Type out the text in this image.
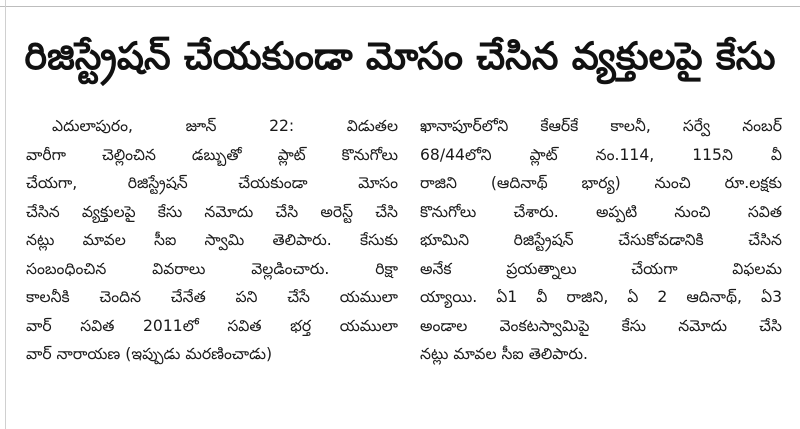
రిజిస్ట్రేషన్ చేయకుండా మోసం చేసిన వ్యక్తులపై కేసు
ఎదులాపురం, జూన్ 22: విడుతల
వారీగా చెల్లించిన డబ్బుతో ప్లాట్ కొనుగోలు
చేయగా, రిజిస్ట్రేషన్ చేయకుండా మోసం
చేసిన వ్యక్తులపై కేసు నమోదు చేసి అరెస్ట్ చేసి
నట్లు మావల సీఐ స్వామి తెలిపారు. కేసుకు
సంబంధించిన వివరాలు వెల్లడించారు. రిక్షా
కాలనీకి చెందిన చేనేత పని చేసే యములా
వార్ సవిత 2011లో సవిత భర్త యములా
వార్ నారాయణ (ఇప్పుడు మరణించాడు)
ఖానాపూర్‌లోని కేఆర్‌కే కాలనీ, సర్వే నంబర్
68/44లోని ప్లాట్ నం.114, 115ని వీ
రాజిని (ఆదినాథ్ భార్య) నుంచి రూ.లక్షకు
కొనుగోలు చేశారు. అప్పటి నుంచి సవిత
భూమిని రిజిస్ట్రేషన్ చేసుకోవడానికి చేసిన
అనేక ప్రయత్నాలు చేయగా విఫలమ
య్యాయి. ఏ1 వీ రాజిని, ఏ 2 ఆదినాథ్, ఏ3
అండాల వెంకటస్వామిపై కేసు నమోదు చేసి
నట్లు మావల సీఐ తెలిపారు.
